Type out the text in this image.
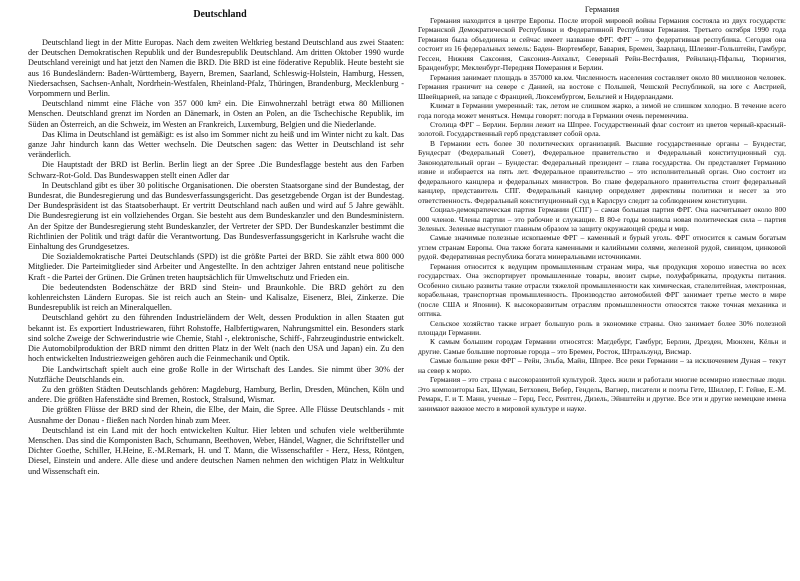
Deutschland	Германия

Deutschland liegt in der Mitte Europas. Nach dem zweiten Weltkrieg bestand Deutschland aus zwei Staaten: der Deutschen Demokratischen Republik und der Bundesrepublik Deutschland. Am dritten Oktober 1990 wurde Deutschland vereinigt und hat jetzt den Namen die BRD. Die BRD ist eine föderative Republik. Heute besteht sie aus 16 Bundesländern: Baden-Württemberg, Bayern, Bremen, Saarland, Schleswig-Holstein, Hamburg, Hessen, Niedersachsen, Sachsen-Anhalt, Nordrhein-Westfalen, Rheinland-Pfalz, Thüringen, Brandenburg, Mecklenburg - Vorpommern und Berlin.

Deutschland nimmt eine Fläche von 357 000 km² ein. Die Einwohnerzahl beträgt etwa 80 Millionen Menschen. Deutschland grenzt im Norden an Dänemark, in Osten an Polen, an die Tschechische Republik, im Süden an Österreich, an die Schweiz, im Westen an Frankreich, Luxemburg, Belgien und die Niederlande.

Das Klima in Deutschland ist gemäßigt: es ist also im Sommer nicht zu heiß und im Winter nicht zu kalt. Das ganze Jahr hindurch kann das Wetter wechseln. Die Deutschen sagen: das Wetter in Deutschland ist sehr veränderlich.

Die Hauptstadt der BRD ist Berlin. Berlin liegt an der Spree .Die Bundesflagge besteht aus den Farben Schwarz-Rot-Gold. Das Bundeswappen stellt einen Adler dar

In Deutschland gibt es über 30 politische Organisationen. Die obersten Staatsorgane sind der Bundestag, der Bundesrat, die Bundesregierung und das Bundesverfassungsgericht. Das gesetzgebende Organ ist der Bundestag. Der Bundespräsident ist das Staatsoberhaupt. Er vertritt Deutschland nach außen und wird auf 5 Jahre gewählt. Die Bundesregierung ist ein vollziehendes Organ. Sie besteht aus dem Bundeskanzler und den Bundesministern. An der Spitze der Bundesregierung steht Bundeskanzler, der Vertreter der SPD. Der Bundeskanzler bestimmt die Richtlinien der Politik und trägt dafür die Verantwortung. Das Bundesverfassungsgericht in Karlsruhe wacht die Einhaltung des Grundgesetzes.

Die Sozialdemokratische Partei Deutschlands (SPD) ist die größte Partei der BRD. Sie zählt etwa 800 000 Mitglieder. Die Parteimitglieder sind Arbeiter und Angestellte. In den achtziger Jahren entstand neue politische Kraft - die Partei der Grünen. Die Grünen treten hauptsächlich für Umweltschutz und Frieden ein.

Die bedeutendsten Bodenschätze der BRD sind Stein- und Braunkohle. Die BRD gehört zu den kohlenreichsten Ländern Europas. Sie ist reich auch an Stein- und Kalisalze, Eisenerz, Blei, Zinkerze. Die Bundesrepublik ist reich an Mineralquellen.

Deutschland gehört zu den führenden Industrieländern der Welt, dessen Produktion in allen Staaten gut bekannt ist. Es exportiert Industriewaren, führt Rohstoffe, Halbfertigwaren, Nahrungsmittel ein. Besonders stark sind solche Zweige der Schwerindustrie wie Chemie, Stahl -, elektronische, Schiff-, Fahrzeugindustrie entwickelt. Die Automobilproduktion der BRD nimmt den dritten Platz in der Welt (nach den USA und Japan) ein. Zu den hoch entwickelten Industriezweigen gehören auch die Feinmechanik und Optik.

Die Landwirtschaft spielt auch eine große Rolle in der Wirtschaft des Landes. Sie nimmt über 30% der Nutzfläche Deutschlands ein.

Zu den größten Städten Deutschlands gehören: Magdeburg, Hamburg, Berlin, Dresden, München, Köln und andere. Die größten Hafenstädte sind Bremen, Rostock, Stralsund, Wismar.

Die größten Flüsse der BRD sind der Rhein, die Elbe, der Main, die Spree. Alle Flüsse Deutschlands - mit Ausnahme der Donau - fließen nach Norden hinab zum Meer.

Deutschland ist ein Land mit der hoch entwickelten Kultur. Hier lebten und schufen viele weltberühmte Menschen. Das sind die Komponisten Bach, Schumann, Beethoven, Weber, Händel, Wagner, die Schriftsteller und Dichter Goethe, Schiller, H.Heine, E.-M.Remark, H. und T. Mann, die Wissenschaftler - Herz, Hess, Röntgen, Diesel, Einstein und andere. Alle diese und andere deutschen Namen nehmen den wichtigen Platz in Weltkultur und Wissenschaft ein.

Германия находится в центре Европы. После второй мировой войны Германия состояла из двух государств: Германской Демократической Республики и Федеративной Республики Германия. Третьего октября 1990 года Германия была объединена и сейчас имеет название ФРГ. ФРГ – это федеративная республика. Сегодня она состоит из 16 федеральных земель: Баден- Вюртемберг, Бавария, Бремен, Заарланд, Шлезвиг-Гольштейн, Гамбург, Гессен, Нижняя Саксония, Саксония-Анхальт, Северный Рейн-Вестфалия, Рейнланд-Пфальц, Тюрингия, Бранденбург, Мекленбург-Передняя Померания и Берлин.

Германия занимает площадь в 357000 кв.км. Численность населения составляет около 80 миллионов человек. Германия граничит на севере с Данией, на востоке с Польшей, Чешской Республикой, на юге с Австрией, Швейцарией, на западе с Францией, Люксембургом, Бельгией и Нидерландами.

Климат в Германии умеренный: так, летом не слишком жарко, а зимой не слишком холодно. В течение всего года погода может меняться. Немцы говорят: погода в Германии очень переменчива.

Столица ФРГ – Берлин. Берлин лежит на Шпрее. Государственный флаг состоит из цветов черный-красный-золотой. Государственный герб представляет собой орла.

В Германии есть более 30 политических организаций. Высшие государственные органы – Бундестаг, Бундесрат (Федеральный Совет), Федеральное правительство и Федеральный конституционный суд. Законодательный орган – Бундестаг. Федеральный президент – глава государства. Он представляет Германию извне и избирается на пять лет. Федеральное правительство – это исполнительный орган. Оно состоит из федерального канцлера и федеральных министров. Во главе федерального правительства стоит федеральный канцлер, представитель СПГ. Федеральный канцлер определяет директивы политики и несет за это ответственность. Федеральный конституционный суд в Карлсруэ следит за соблюдением конституции.

Социал-демократическая партия Германии (СПГ) – самая большая партия ФРГ. Она насчитывает около 800 000 членов. Члены партии – это рабочие и служащие. В 80-е годы возникла новая политическая сила – партия Зеленых. Зеленые выступают главным образом за защиту окружающей среды и мир.

Самые значимые полезные ископаемые ФРГ – каменный и бурый уголь. ФРГ относится к самым богатым углем странам Европы. Она также богата каменными и калийными солями, железной рудой, свинцом, цинковой рудой. Федеративная республика богата минеральными источниками.

Германия относится к ведущим промышленным странам мира, чья продукция хорошо известна во всех государствах. Она экспортирует промышленные товары, ввозит сырье, полуфабрикаты, продукты питания. Особенно сильно развиты такие отрасли тяжелой промышленности как химическая, сталелитейная, электронная, корабельная, транспортная промышленность. Производство автомобилей ФРГ занимает третье место в мире (после США и Японии). К высокоразвитым отраслям промышленности относятся также точная механика и оптика.

Сельское хозяйство также играет большую роль в экономике страны. Оно занимает более 30% полезной площади Германии.

К самым большим городам Германии относятся: Магдебург, Гамбург, Берлин, Дрезден, Мюнхен, Кёльн и другие. Самые большие портовые города – это Бремен, Росток, Штральзунд, Висмар.

Самые большие реки ФРГ – Рейн, Эльба, Майн, Шпрее. Все реки Германии – за исключением Дуная – текут на север к морю.

Германия – это страна с высокоразвитой культурой. Здесь жили и работали многие всемирно известные люди. Это композиторы Бах, Шуман, Бетховен, Вебер, Гендель, Вагнер, писатели и поэты Гете, Шиллер, Г. Гейне, Е.-М. Ремарк, Г. и Т. Манн, ученые – Герц, Гесс, Рентген, Дизель, Эйнштейн и другие. Все эти и другие немецкие имена занимают важное место в мировой культуре и науке.
